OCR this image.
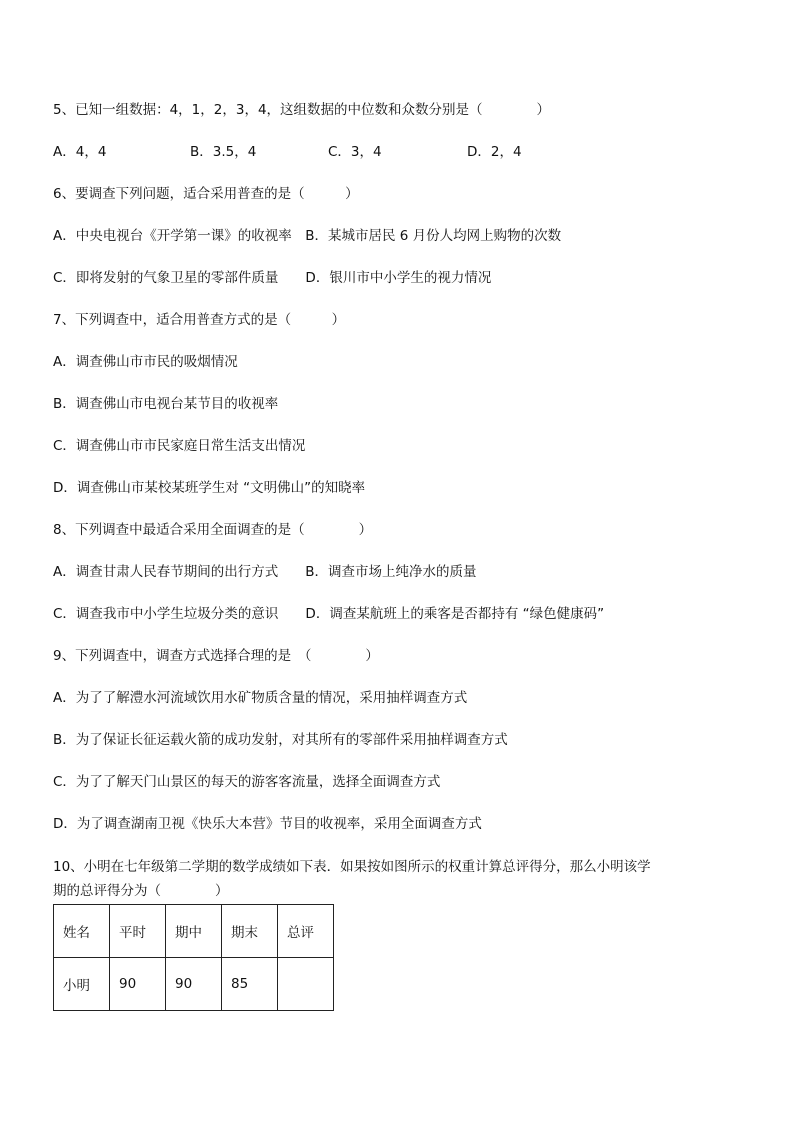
5、已知一组数据：4，1，2，3，4，这组数据的中位数和众数分别是（　　　　）
A．4，4	B．3.5，4	C．3，4	D．2，4
6、要调查下列问题，适合采用普查的是（　　　）
A．中央电视台《开学第一课》的收视率　B．某城市居民 6 月份人均网上购物的次数
C．即将发射的气象卫星的零部件质量　　D．银川市中小学生的视力情况
7、下列调查中，适合用普查方式的是（　　　）
A．调查佛山市市民的吸烟情况
B．调查佛山市电视台某节目的收视率
C．调查佛山市市民家庭日常生活支出情况
D．调查佛山市某校某班学生对 “文明佛山”的知晓率
8、下列调查中最适合采用全面调查的是（　　　　）
A．调查甘肃人民春节期间的出行方式　　B．调查市场上纯净水的质量
C．调查我市中小学生垃圾分类的意识　　D．调查某航班上的乘客是否都持有 “绿色健康码”
9、下列调查中，调查方式选择合理的是　（　　　　）
A．为了了解澧水河流域饮用水矿物质含量的情况，采用抽样调查方式
B．为了保证长征运载火箭的成功发射，对其所有的零部件采用抽样调查方式
C．为了了解天门山景区的每天的游客客流量，选择全面调查方式
D．为了调查湖南卫视《快乐大本营》节目的收视率，采用全面调查方式
10、小明在七年级第二学期的数学成绩如下表．如果按如图所示的权重计算总评得分，那么小明该学
期的总评得分为（　　　　）
姓名	平时	期中	期末	总评
小明	90	90	85	
